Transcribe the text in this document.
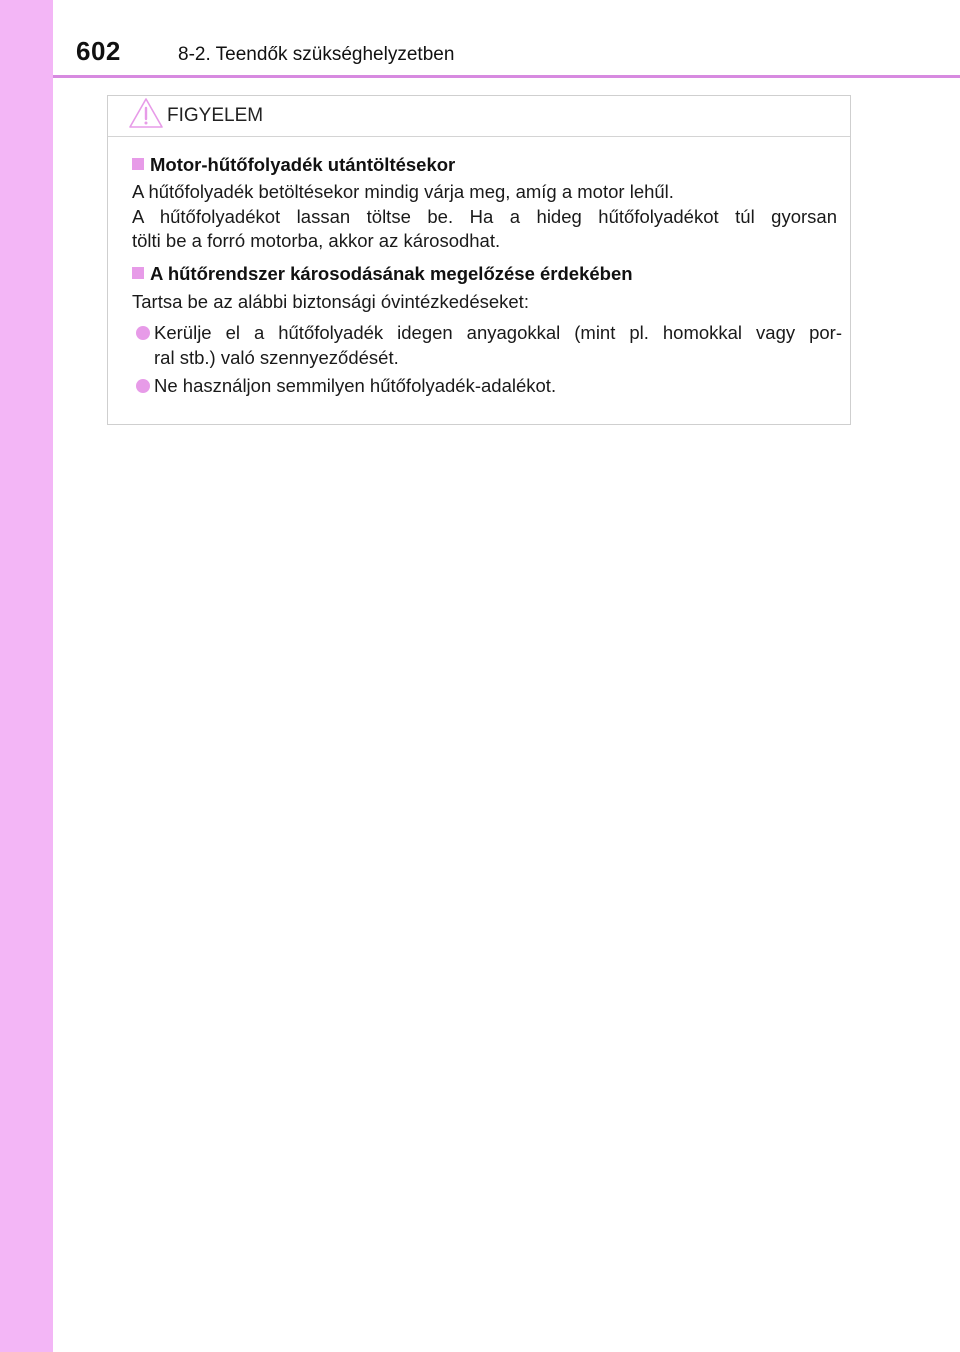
602	8-2. Teendők szükséghelyzetben
FIGYELEM
Motor-hűtőfolyadék utántöltésekor
A hűtőfolyadék betöltésekor mindig várja meg, amíg a motor lehűl.
A hűtőfolyadékot lassan töltse be. Ha a hideg hűtőfolyadékot túl gyorsan
tölti be a forró motorba, akkor az károsodhat.
A hűtőrendszer károsodásának megelőzése érdekében
Tartsa be az alábbi biztonsági óvintézkedéseket:
Kerülje el a hűtőfolyadék idegen anyagokkal (mint pl. homokkal vagy por-
ral stb.) való szennyeződését.
Ne használjon semmilyen hűtőfolyadék-adalékot.
